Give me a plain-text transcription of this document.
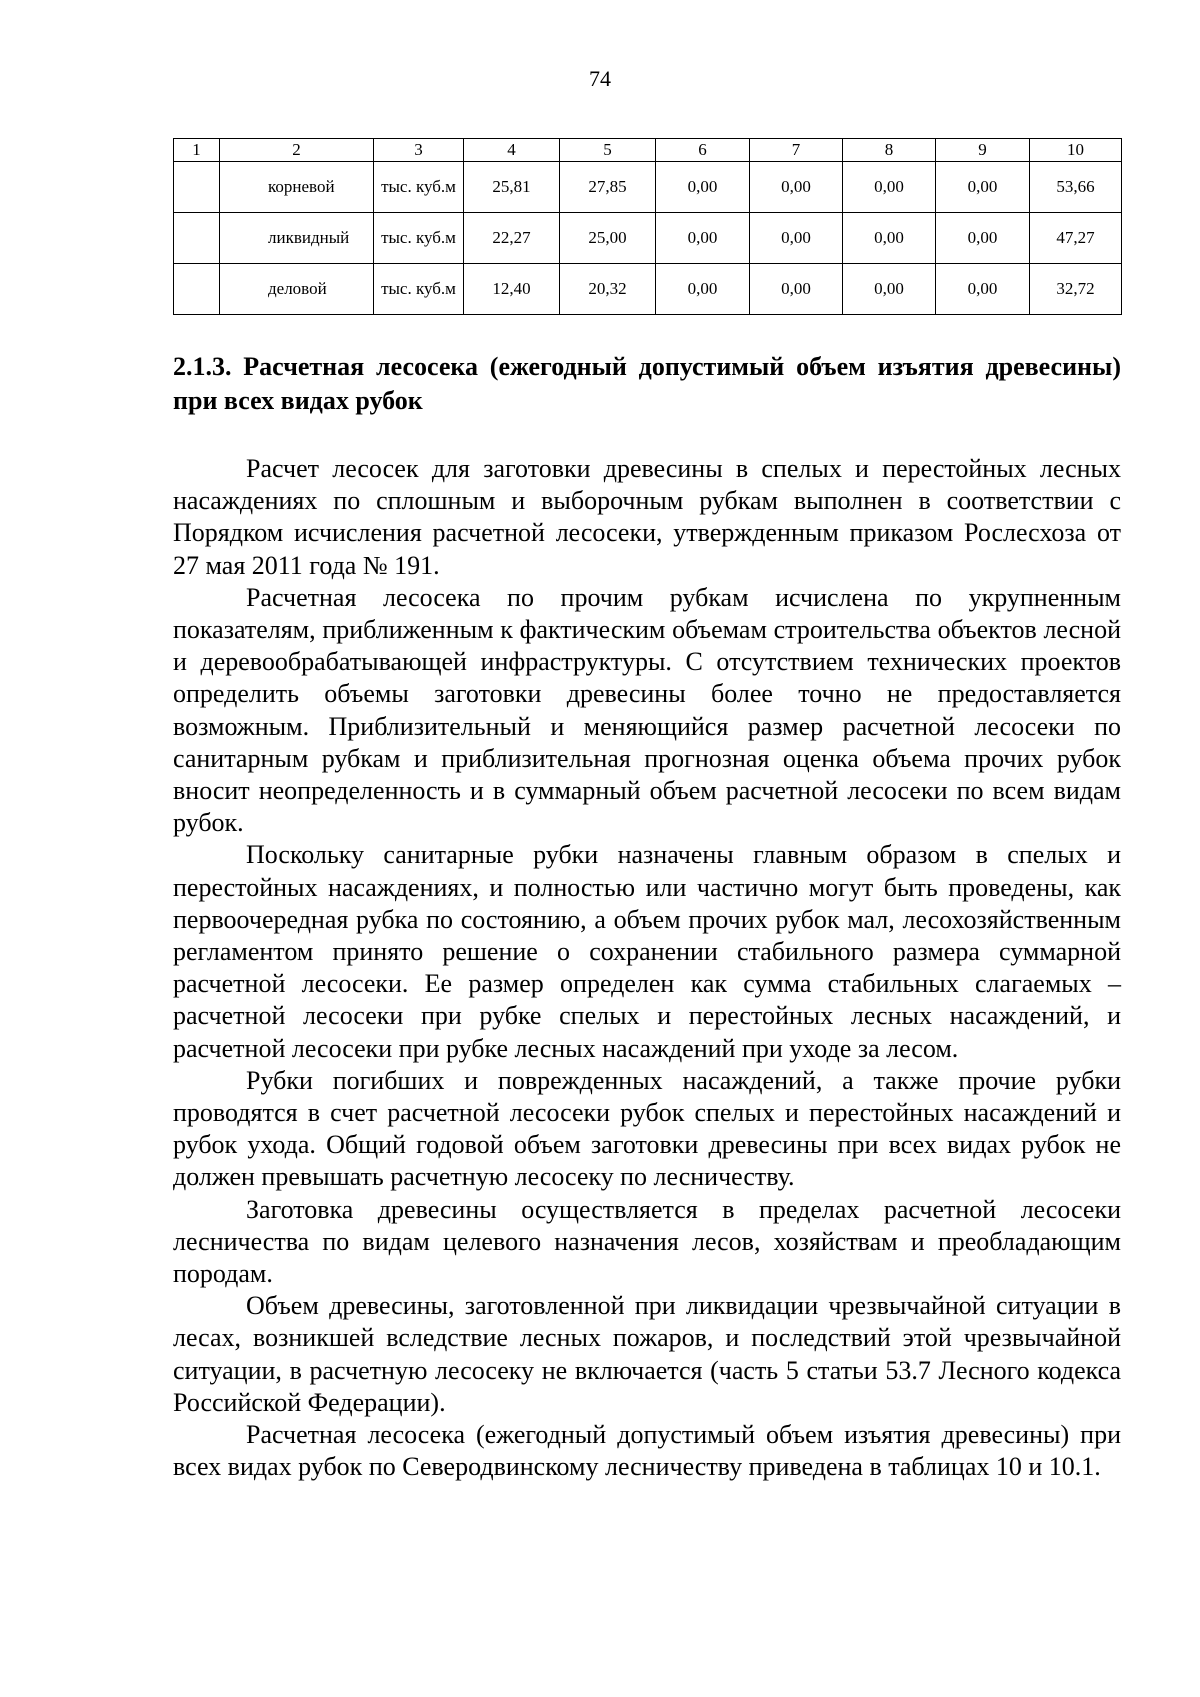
74
1	2	3	4	5	6	7	8	9	10
	корневой	тыс. куб.м	25,81	27,85	0,00	0,00	0,00	0,00	53,66
	ликвидный	тыс. куб.м	22,27	25,00	0,00	0,00	0,00	0,00	47,27
	деловой	тыс. куб.м	12,40	20,32	0,00	0,00	0,00	0,00	32,72
2.1.3. Расчетная лесосека (ежегодный допустимый объем изъятия древесины) при всех видах рубок

Расчет лесосек для заготовки древесины в спелых и перестойных лесных насаждениях по сплошным и выборочным рубкам выполнен в соответствии с Порядком исчисления расчетной лесосеки, утвержденным приказом Рослесхоза от 27 мая 2011 года № 191.

Расчетная лесосека по прочим рубкам исчислена по укрупненным показателям, приближенным к фактическим объемам строительства объектов лесной и деревообрабатывающей инфраструктуры. С отсутствием технических проектов определить объемы заготовки древесины более точно не предоставляется возможным. Приблизительный и меняющийся размер расчетной лесосеки по санитарным рубкам и приблизительная прогнозная оценка объема прочих рубок вносит неопределенность и в суммарный объем расчетной лесосеки по всем видам рубок.

Поскольку санитарные рубки назначены главным образом в спелых и перестойных насаждениях, и полностью или частично могут быть проведены, как первоочередная рубка по состоянию, а объем прочих рубок мал, лесохозяйственным регламентом принято решение о сохранении стабильного размера суммарной расчетной лесосеки. Ее размер определен как сумма стабильных слагаемых – расчетной лесосеки при рубке спелых и перестойных лесных насаждений, и расчетной лесосеки при рубке лесных насаждений при уходе за лесом.

Рубки погибших и поврежденных насаждений, а также прочие рубки проводятся в счет расчетной лесосеки рубок спелых и перестойных насаждений и рубок ухода. Общий годовой объем заготовки древесины при всех видах рубок не должен превышать расчетную лесосеку по лесничеству.

Заготовка древесины осуществляется в пределах расчетной лесосеки лесничества по видам целевого назначения лесов, хозяйствам и преобладающим породам.

Объем древесины, заготовленной при ликвидации чрезвычайной ситуации в лесах, возникшей вследствие лесных пожаров, и последствий этой чрезвычайной ситуации, в расчетную лесосеку не включается (часть 5 статьи 53.7 Лесного кодекса Российской Федерации).

Расчетная лесосека (ежегодный допустимый объем изъятия древесины) при всех видах рубок по Северодвинскому лесничеству приведена в таблицах 10 и 10.1.
